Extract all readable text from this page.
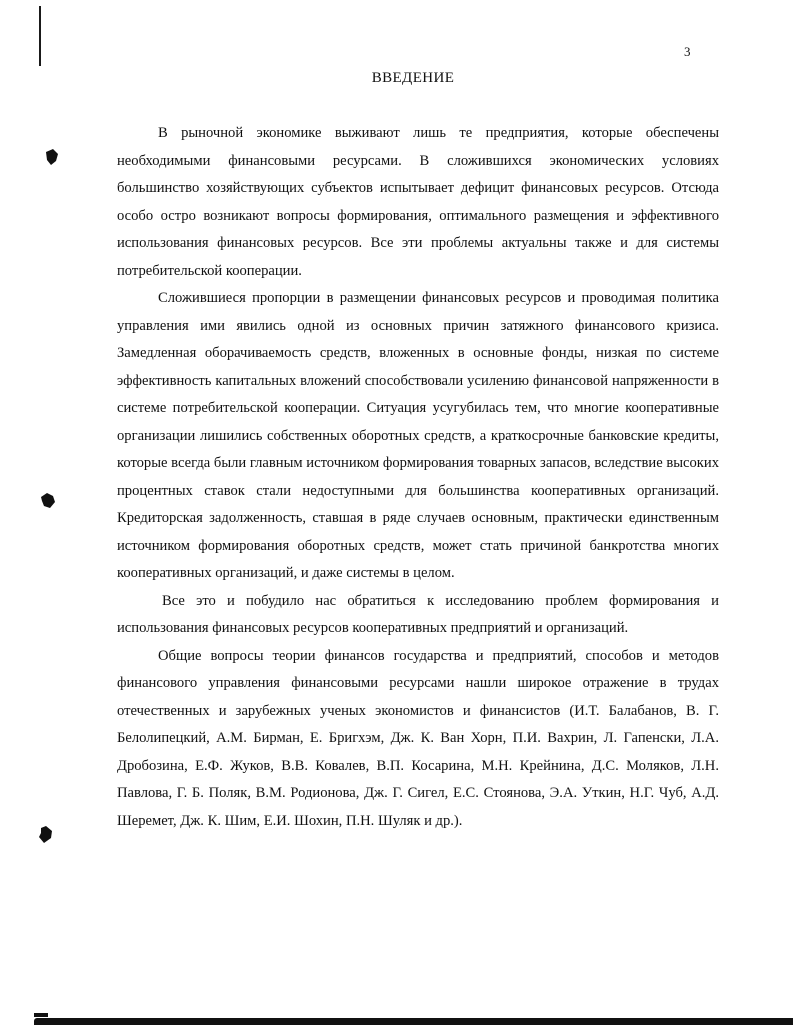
3
ВВЕДЕНИЕ

В рыночной экономике выживают лишь те предприятия, которые обеспечены необходимыми финансовыми ресурсами. В сложившихся экономических условиях большинство хозяйствующих субъектов испытывает дефицит финансовых ресурсов. Отсюда особо остро возникают вопросы формирования, оптимального размещения и эффективного использования финансовых ресурсов. Все эти проблемы актуальны также и для системы потребительской кооперации.

Сложившиеся пропорции в размещении финансовых ресурсов и проводимая политика управления ими явились одной из основных причин затяжного финансового кризиса. Замедленная оборачиваемость средств, вложенных в основные фонды, низкая по системе эффективность капитальных вложений способствовали усилению финансовой напряженности в системе потребительской кооперации. Ситуация усугубилась тем, что многие кооперативные организации лишились собственных оборотных средств, а краткосрочные банковские кредиты, которые всегда были главным источником формирования товарных запасов, вследствие высоких процентных ставок стали недоступными для большинства кооперативных организаций. Кредиторская задолженность, ставшая в ряде случаев основным, практически единственным источником формирования оборотных средств, может стать причиной банкротства многих кооперативных организаций, и даже системы в целом.

Все это и побудило нас обратиться к исследованию проблем формирования и использования финансовых ресурсов кооперативных предприятий и организаций.

Общие вопросы теории финансов государства и предприятий, способов и методов финансового управления финансовыми ресурсами нашли широкое отражение в трудах отечественных и зарубежных ученых экономистов и финансистов (И.Т. Балабанов, В. Г. Белолипецкий, А.М. Бирман, Е. Бригхэм, Дж. К. Ван Хорн, П.И. Вахрин, Л. Гапенски, Л.А. Дробозина, Е.Ф. Жуков, В.В. Ковалев, В.П. Косарина, М.Н. Крейнина, Д.С. Моляков, Л.Н. Павлова, Г. Б. Поляк, В.М. Родионова, Дж. Г. Сигел, Е.С. Стоянова, Э.А. Уткин, Н.Г. Чуб, А.Д. Шеремет, Дж. К. Шим, Е.И. Шохин, П.Н. Шуляк и др.).
